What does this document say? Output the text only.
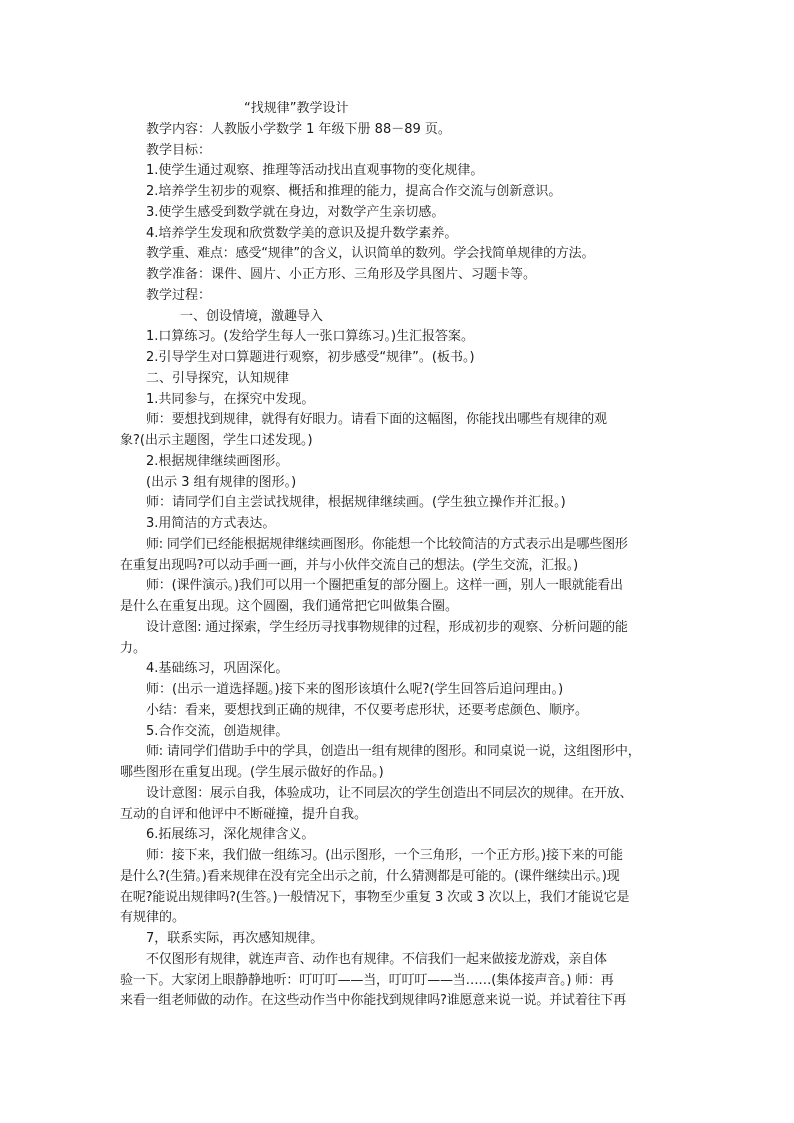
“找规律”教学设计
教学内容：人教版小学数学 1 年级下册 88－89 页。
教学目标：
1.使学生通过观察、推理等活动找出直观事物的变化规律。
2.培养学生初步的观察、概括和推理的能力，提高合作交流与创新意识。
3.使学生感受到数学就在身边，对数学产生亲切感。
4.培养学生发现和欣赏数学美的意识及提升数学素养。
教学重、难点：感受“规律”的含义，认识简单的数列。学会找简单规律的方法。
教学准备：课件、圆片、小正方形、三角形及学具图片、习题卡等。
教学过程：
一、创设情境，激趣导入
1.口算练习。(发给学生每人一张口算练习。)生汇报答案。
2.引导学生对口算题进行观察，初步感受“规律”。(板书。)
二、引导探究，认知规律
1.共同参与，在探究中发现。
师：要想找到规律，就得有好眼力。请看下面的这幅图，你能找出哪些有规律的观
象?(出示主题图，学生口述发现。)
2.根据规律继续画图形。
(出示 3 组有规律的图形。)
师：请同学们自主尝试找规律，根据规律继续画。(学生独立操作并汇报。)
3.用简洁的方式表达。
师: 同学们已经能根据规律继续画图形。你能想一个比较简洁的方式表示出是哪些图形
在重复出现吗?可以动手画一画，并与小伙伴交流自己的想法。(学生交流，汇报。)
师：(课件演示。)我们可以用一个圈把重复的部分圈上。这样一画，别人一眼就能看出
是什么在重复出现。这个圆圈，我们通常把它叫做集合圈。
设计意图: 通过探索，学生经历寻找事物规律的过程，形成初步的观察、分析问题的能
力。
4.基础练习，巩固深化。
师：(出示一道选择题。)接下来的图形该填什么呢?(学生回答后追问理由。)
小结：看来，要想找到正确的规律，不仅要考虑形状，还要考虑颜色、顺序。
5.合作交流，创造规律。
师: 请同学们借助手中的学具，创造出一组有规律的图形。和同桌说一说，这组图形中，
哪些图形在重复出现。(学生展示做好的作品。)
设计意图：展示自我，体验成功，让不同层次的学生创造出不同层次的规律。在开放、
互动的自评和他评中不断碰撞，提升自我。
6.拓展练习，深化规律含义。
师：接下来，我们做一组练习。(出示图形，一个三角形，一个正方形。)接下来的可能
是什么?(生猜。)看来规律在没有完全出示之前，什么猜测都是可能的。(课件继续出示。)现
在呢?能说出规律吗?(生答。)一般情况下，事物至少重复 3 次或 3 次以上，我们才能说它是
有规律的。
7，联系实际，再次感知规律。
不仅图形有规律，就连声音、动作也有规律。不信我们一起来做接龙游戏，亲自体
验一下。大家闭上眼静静地听：叮叮叮——当，叮叮叮——当……(集体接声音。) 师：再
来看一组老师做的动作。在这些动作当中你能找到规律吗?谁愿意来说一说。并试着往下再
